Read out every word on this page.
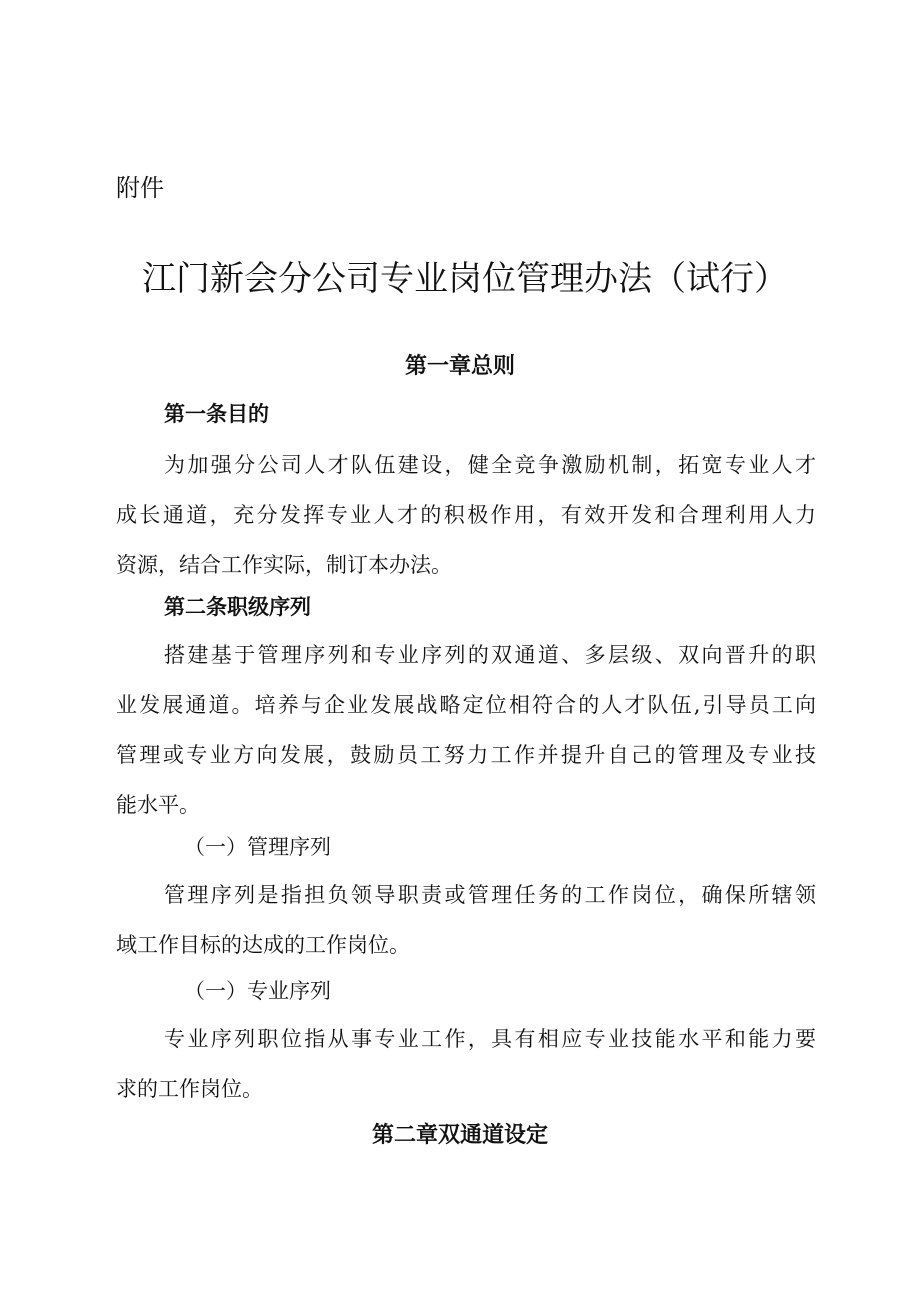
附件
江门新会分公司专业岗位管理办法（试行）
第一章总则
第一条目的
为加强分公司人才队伍建设，健全竞争激励机制，拓宽专业人才
成长通道，充分发挥专业人才的积极作用，有效开发和合理利用人力
资源，结合工作实际，制订本办法。
第二条职级序列
搭建基于管理序列和专业序列的双通道、多层级、双向晋升的职
业发展通道。培养与企业发展战略定位相符合的人才队伍,引导员工向
管理或专业方向发展，鼓励员工努力工作并提升自己的管理及专业技
能水平。
（一）管理序列
管理序列是指担负领导职责或管理任务的工作岗位，确保所辖领
域工作目标的达成的工作岗位。
（一）专业序列
专业序列职位指从事专业工作，具有相应专业技能水平和能力要
求的工作岗位。
第二章双通道设定
